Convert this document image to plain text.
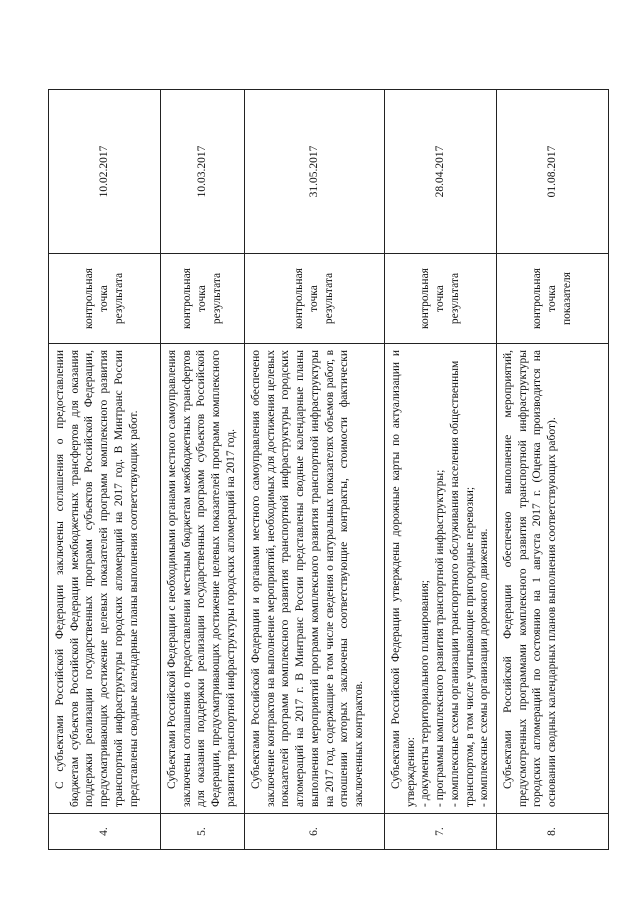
4.	С субъектами Российской Федерации заключены соглашения о предоставлении бюджетам субъектов Российской Федерации межбюджетных трансфертов для оказания поддержки реализации государственных программ субъектов Российской Федерации, предусматривающих достижение целевых показателей программ комплексного развития транспортной инфраструктуры городских агломераций на 2017 год. В Минтранс России представлены сводные календарные планы выполнения соответствующих работ.	контрольная точка результата	10.02.2017
5.	Субъектами Российской Федерации с необходимыми органами местного самоуправления заключены соглашения о предоставлении местным бюджетам межбюджетных трансфертов для оказания поддержки реализации государственных программ субъектов Российской Федерации, предусматривающих достижение целевых показателей программ комплексного развития транспортной инфраструктуры городских агломераций на 2017 год.	контрольная точка результата	10.03.2017
6.	Субъектами Российской Федерации и органами местного самоуправления обеспечено заключение контрактов на выполнение мероприятий, необходимых для достижения целевых показателей программ комплексного развития транспортной инфраструктуры городских агломераций на 2017 г. В Минтранс России представлены сводные календарные планы выполнения мероприятий программ комплексного развития транспортной инфраструктуры на 2017 год, содержащие в том числе сведения о натуральных показателях объемов работ, в отношении которых заключены соответствующие контракты, стоимости фактически заключенных контрактов.	контрольная точка результата	31.05.2017
7.	Субъектами Российской Федерации утверждены дорожные карты по актуализации и утверждению: - документы территориального планирования; - программы комплексного развития транспортной инфраструктуры; - комплексные схемы организации транспортного обслуживания населения общественным транспортом, в том числе учитывающие пригородные перевозки; - комплексные схемы организации дорожного движения.	контрольная точка результата	28.04.2017
8.	Субъектами Российской Федерации обеспечено выполнение мероприятий, предусмотренных программами комплексного развития транспортной инфраструктуры городских агломераций по состоянию на 1 августа 2017 г. (Оценка производится на основании сводных календарных планов выполнения соответствующих работ).	контрольная точка показателя	01.08.2017
